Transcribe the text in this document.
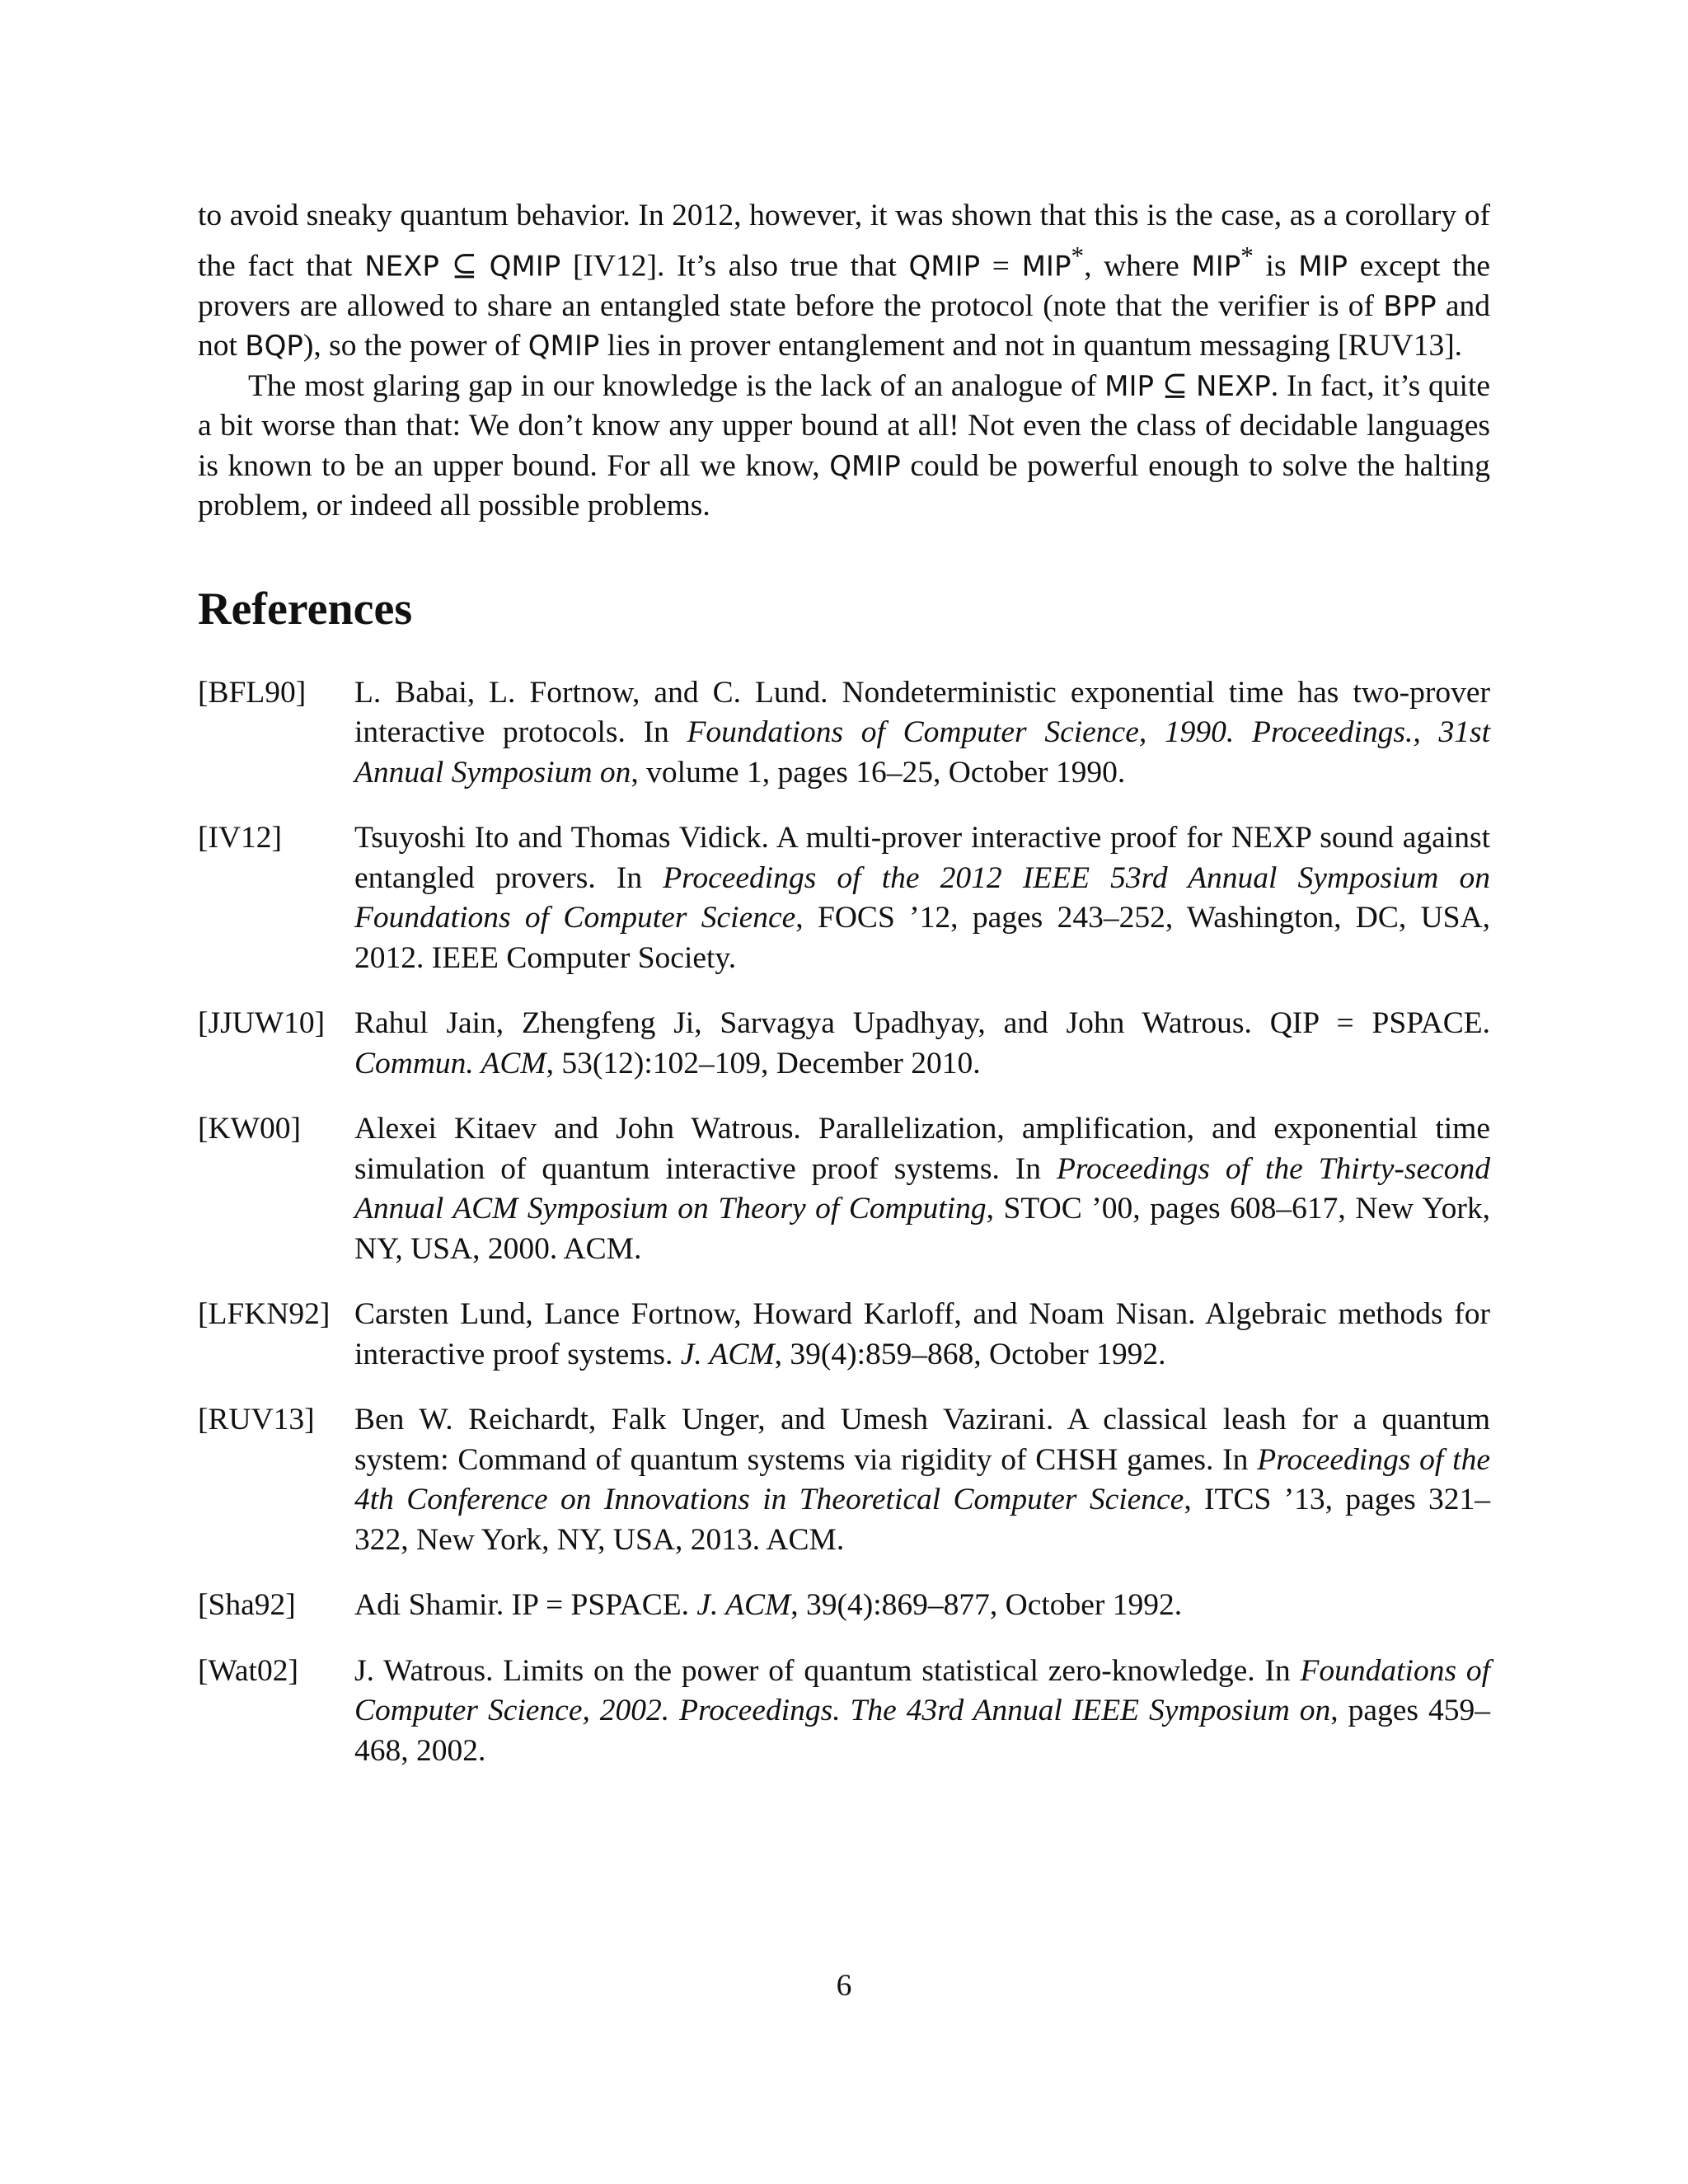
to avoid sneaky quantum behavior. In 2012, however, it was shown that this is the case, as a corollary of the fact that NEXP ⊆ QMIP [IV12]. It’s also true that QMIP = MIP*, where MIP* is MIP except the provers are allowed to share an entangled state before the protocol (note that the verifier is of BPP and not BQP), so the power of QMIP lies in prover entanglement and not in quantum messaging [RUV13].

The most glaring gap in our knowledge is the lack of an analogue of MIP ⊆ NEXP. In fact, it’s quite a bit worse than that: We don’t know any upper bound at all! Not even the class of decidable languages is known to be an upper bound. For all we know, QMIP could be powerful enough to solve the halting problem, or indeed all possible problems.

References
[BFL90]	L. Babai, L. Fortnow, and C. Lund. Nondeterministic exponential time has two-prover interactive protocols. In Foundations of Computer Science, 1990. Proceedings., 31st Annual Symposium on, volume 1, pages 16–25, October 1990.
[IV12]	Tsuyoshi Ito and Thomas Vidick. A multi-prover interactive proof for NEXP sound against entangled provers. In Proceedings of the 2012 IEEE 53rd Annual Symposium on Foundations of Computer Science, FOCS ’12, pages 243–252, Washington, DC, USA, 2012. IEEE Computer Society.
[JJUW10] Rahul Jain, Zhengfeng Ji, Sarvagya Upadhyay, and John Watrous. QIP = PSPACE. Commun. ACM, 53(12):102–109, December 2010.
[KW00]	Alexei Kitaev and John Watrous. Parallelization, amplification, and exponential time simulation of quantum interactive proof systems. In Proceedings of the Thirty-second Annual ACM Symposium on Theory of Computing, STOC ’00, pages 608–617, New York, NY, USA, 2000. ACM.
[LFKN92] Carsten Lund, Lance Fortnow, Howard Karloff, and Noam Nisan. Algebraic methods for interactive proof systems. J. ACM, 39(4):859–868, October 1992.
[RUV13]	Ben W. Reichardt, Falk Unger, and Umesh Vazirani. A classical leash for a quantum system: Command of quantum systems via rigidity of CHSH games. In Proceedings of the 4th Conference on Innovations in Theoretical Computer Science, ITCS ’13, pages 321–322, New York, NY, USA, 2013. ACM.
[Sha92]	Adi Shamir. IP = PSPACE. J. ACM, 39(4):869–877, October 1992.
[Wat02]	J. Watrous. Limits on the power of quantum statistical zero-knowledge. In Foundations of Computer Science, 2002. Proceedings. The 43rd Annual IEEE Symposium on, pages 459–468, 2002.
6
